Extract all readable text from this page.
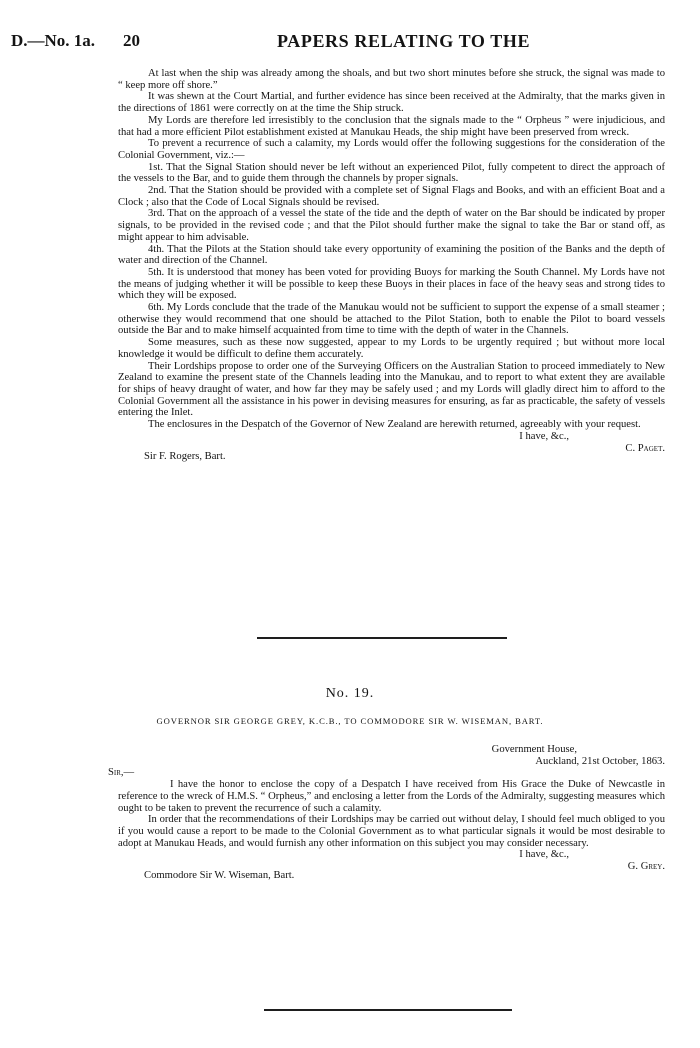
D.—No. 1a. 20	PAPERS RELATING TO THE

At last when the ship was already among the shoals, and but two short minutes before she struck, the signal was made to “ keep more off shore.”

It was shewn at the Court Martial, and further evidence has since been received at the Admiralty, that the marks given in the directions of 1861 were correctly on at the time the Ship struck.

My Lords are therefore led irresistibly to the conclusion that the signals made to the “ Orpheus ” were injudicious, and that had a more efficient Pilot establishment existed at Manukau Heads, the ship might have been preserved from wreck.

To prevent a recurrence of such a calamity, my Lords would offer the following suggestions for the consideration of the Colonial Government, viz.:—

1st. That the Signal Station should never be left without an experienced Pilot, fully competent to direct the approach of the vessels to the Bar, and to guide them through the channels by proper signals.

2nd. That the Station should be provided with a complete set of Signal Flags and Books, and with an efficient Boat and a Clock ; also that the Code of Local Signals should be revised.

3rd. That on the approach of a vessel the state of the tide and the depth of water on the Bar should be indicated by proper signals, to be provided in the revised code ; and that the Pilot should further make the signal to take the Bar or stand off, as might appear to him advisable.

4th. That the Pilots at the Station should take every opportunity of examining the position of the Banks and the depth of water and direction of the Channel.

5th. It is understood that money has been voted for providing Buoys for marking the South Channel. My Lords have not the means of judging whether it will be possible to keep these Buoys in their places in face of the heavy seas and strong tides to which they will be exposed.

6th. My Lords conclude that the trade of the Manukau would not be sufficient to support the expense of a small steamer ; otherwise they would recommend that one should be attached to the Pilot Station, both to enable the Pilot to board vessels outside the Bar and to make himself acquainted from time to time with the depth of water in the Channels.

Some measures, such as these now suggested, appear to my Lords to be urgently required ; but without more local knowledge it would be difficult to define them accurately.

Their Lordships propose to order one of the Surveying Officers on the Australian Station to proceed immediately to New Zealand to examine the present state of the Channels leading into the Manukau, and to report to what extent they are available for ships of heavy draught of water, and how far they may be safely used ; and my Lords will gladly direct him to afford to the Colonial Government all the assistance in his power in devising measures for ensuring, as far as practicable, the safety of vessels entering the Inlet.

The enclosures in the Despatch of the Governor of New Zealand are herewith returned, agreeably with your request.

I have, &c.,

C. Paget.

Sir F. Rogers, Bart.

No. 19.
GOVERNOR SIR GEORGE GREY, K.C.B., TO COMMODORE SIR W. WISEMAN, BART.

Government House,

Auckland, 21st October, 1863.

Sir,—

I have the honor to enclose the copy of a Despatch I have received from His Grace the Duke of Newcastle in reference to the wreck of H.M.S. “ Orpheus,” and enclosing a letter from the Lords of the Admiralty, suggesting measures which ought to be taken to prevent the recurrence of such a calamity.

In order that the recommendations of their Lordships may be carried out without delay, I should feel much obliged to you if you would cause a report to be made to the Colonial Government as to what particular signals it would be most desirable to adopt at Manukau Heads, and would furnish any other information on this subject you may consider necessary.

I have, &c.,

G. Grey.

Commodore Sir W. Wiseman, Bart.
